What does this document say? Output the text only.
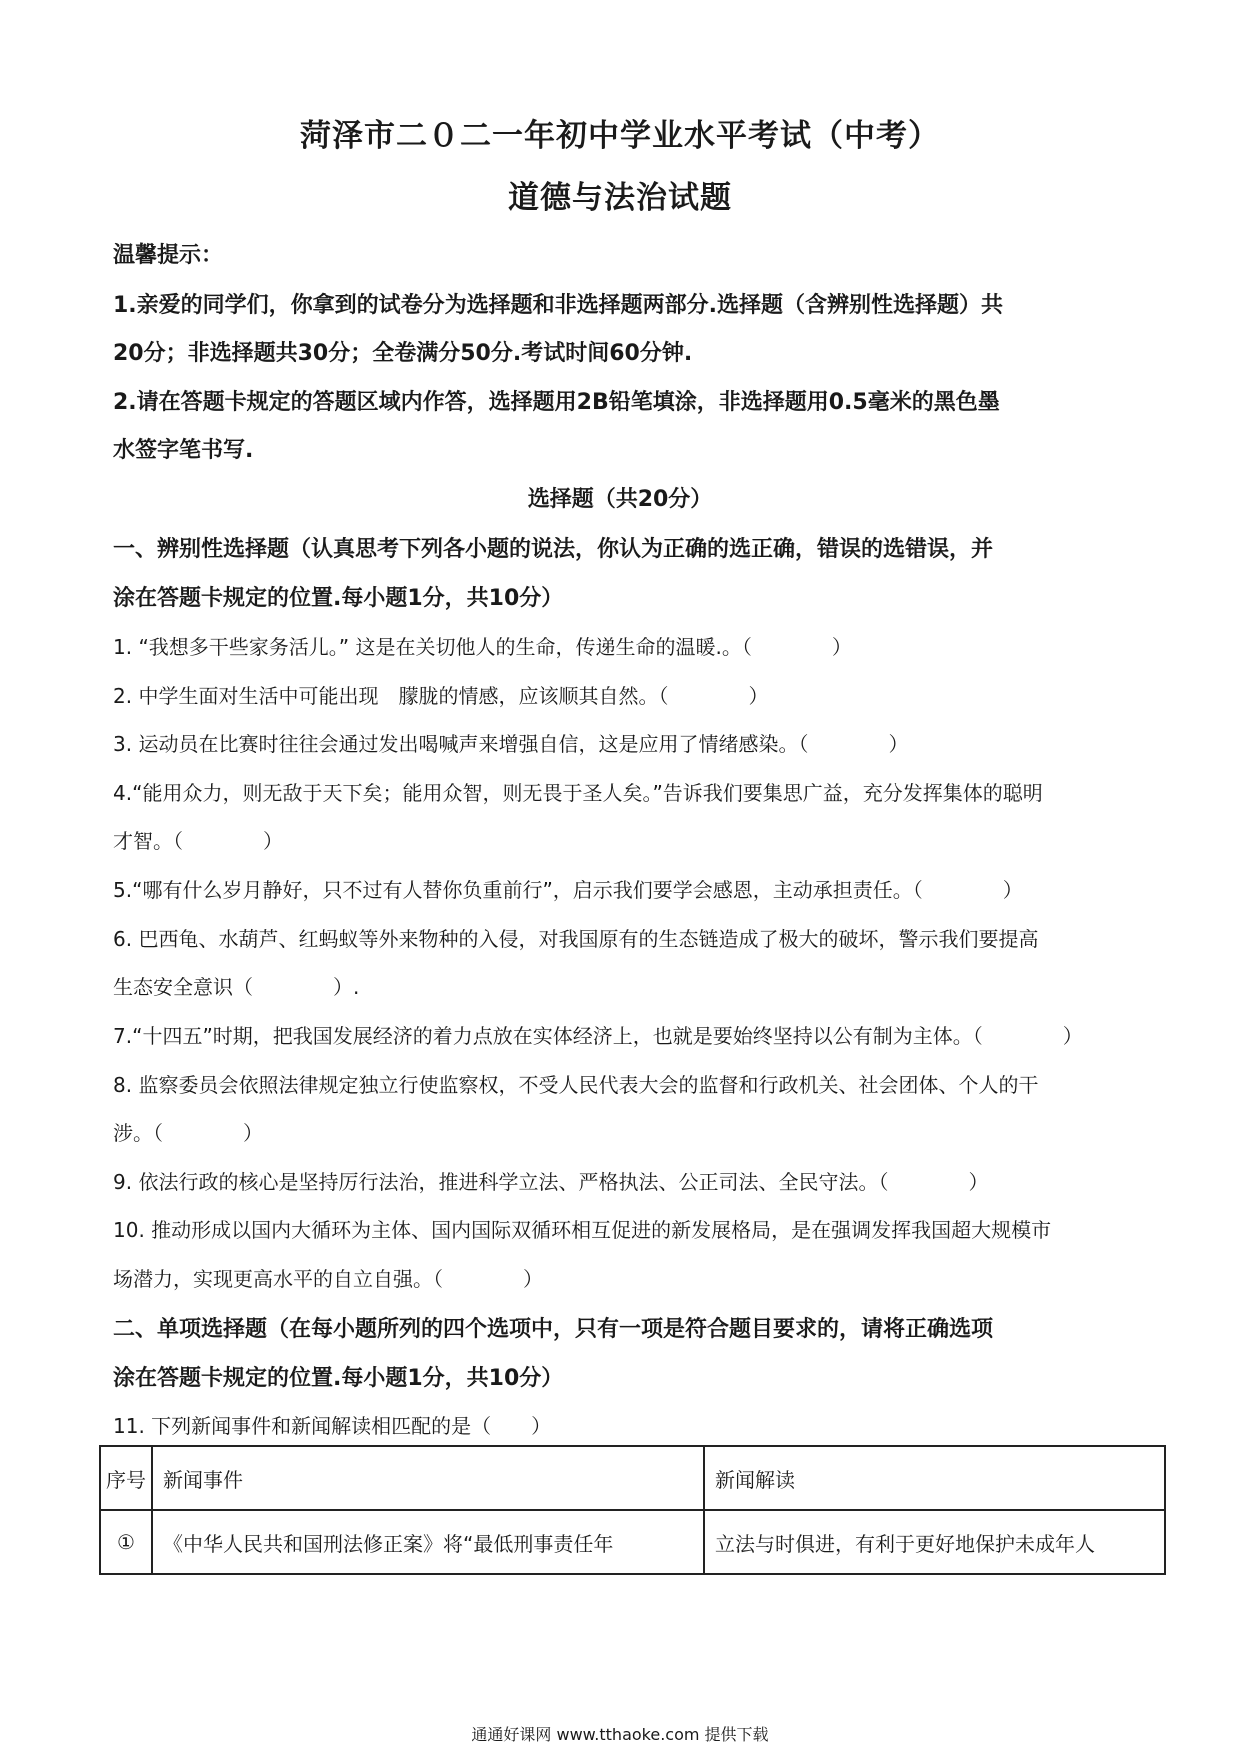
菏泽市二０二一年初中学业水平考试（中考）
道德与法治试题
温馨提示：
1.亲爱的同学们，你拿到的试卷分为选择题和非选择题两部分.选择题（含辨别性选择题）共
20分；非选择题共30分；全卷满分50分.考试时间60分钟.
2.请在答题卡规定的答题区域内作答，选择题用2B铅笔填涂，非选择题用0.5毫米的黑色墨
水签字笔书写.
选择题（共20分）
一、辨别性选择题（认真思考下列各小题的说法，你认为正确的选正确，错误的选错误，并
涂在答题卡规定的位置.每小题1分，共10分）
1. “我想多干些家务活儿。” 这是在关切他人的生命，传递生命的温暖.。（　　　　）
2. 中学生面对生活中可能出现　朦胧的情感，应该顺其自然。（　　　　）
3. 运动员在比赛时往往会通过发出喝喊声来增强自信，这是应用了情绪感染。（　　　　）
4.“能用众力，则无敌于天下矣；能用众智，则无畏于圣人矣。”告诉我们要集思广益，充分发挥集体的聪明
才智。（　　　　）
5.“哪有什么岁月静好，只不过有人替你负重前行”，启示我们要学会感恩，主动承担责任。（　　　　）
6. 巴西龟、水葫芦、红蚂蚁等外来物种的入侵，对我国原有的生态链造成了极大的破坏，警示我们要提高
生态安全意识（　　　　）.
7.“十四五”时期，把我国发展经济的着力点放在实体经济上，也就是要始终坚持以公有制为主体。（　　　　）
8. 监察委员会依照法律规定独立行使监察权，不受人民代表大会的监督和行政机关、社会团体、个人的干
涉。（　　　　）
9. 依法行政的核心是坚持厉行法治，推进科学立法、严格执法、公正司法、全民守法。（　　　　）
10. 推动形成以国内大循环为主体、国内国际双循环相互促进的新发展格局，是在强调发挥我国超大规模市
场潜力，实现更高水平的自立自强。（　　　　）
二、单项选择题（在每小题所列的四个选项中，只有一项是符合题目要求的，请将正确选项
涂在答题卡规定的位置.每小题1分，共10分）
11. 下列新闻事件和新闻解读相匹配的是（　　）
序号	新闻事件	新闻解读
①	《中华人民共和国刑法修正案》将“最低刑事责任年	立法与时俱进，有利于更好地保护未成年人
通通好课网 www.tthaoke.com 提供下载
